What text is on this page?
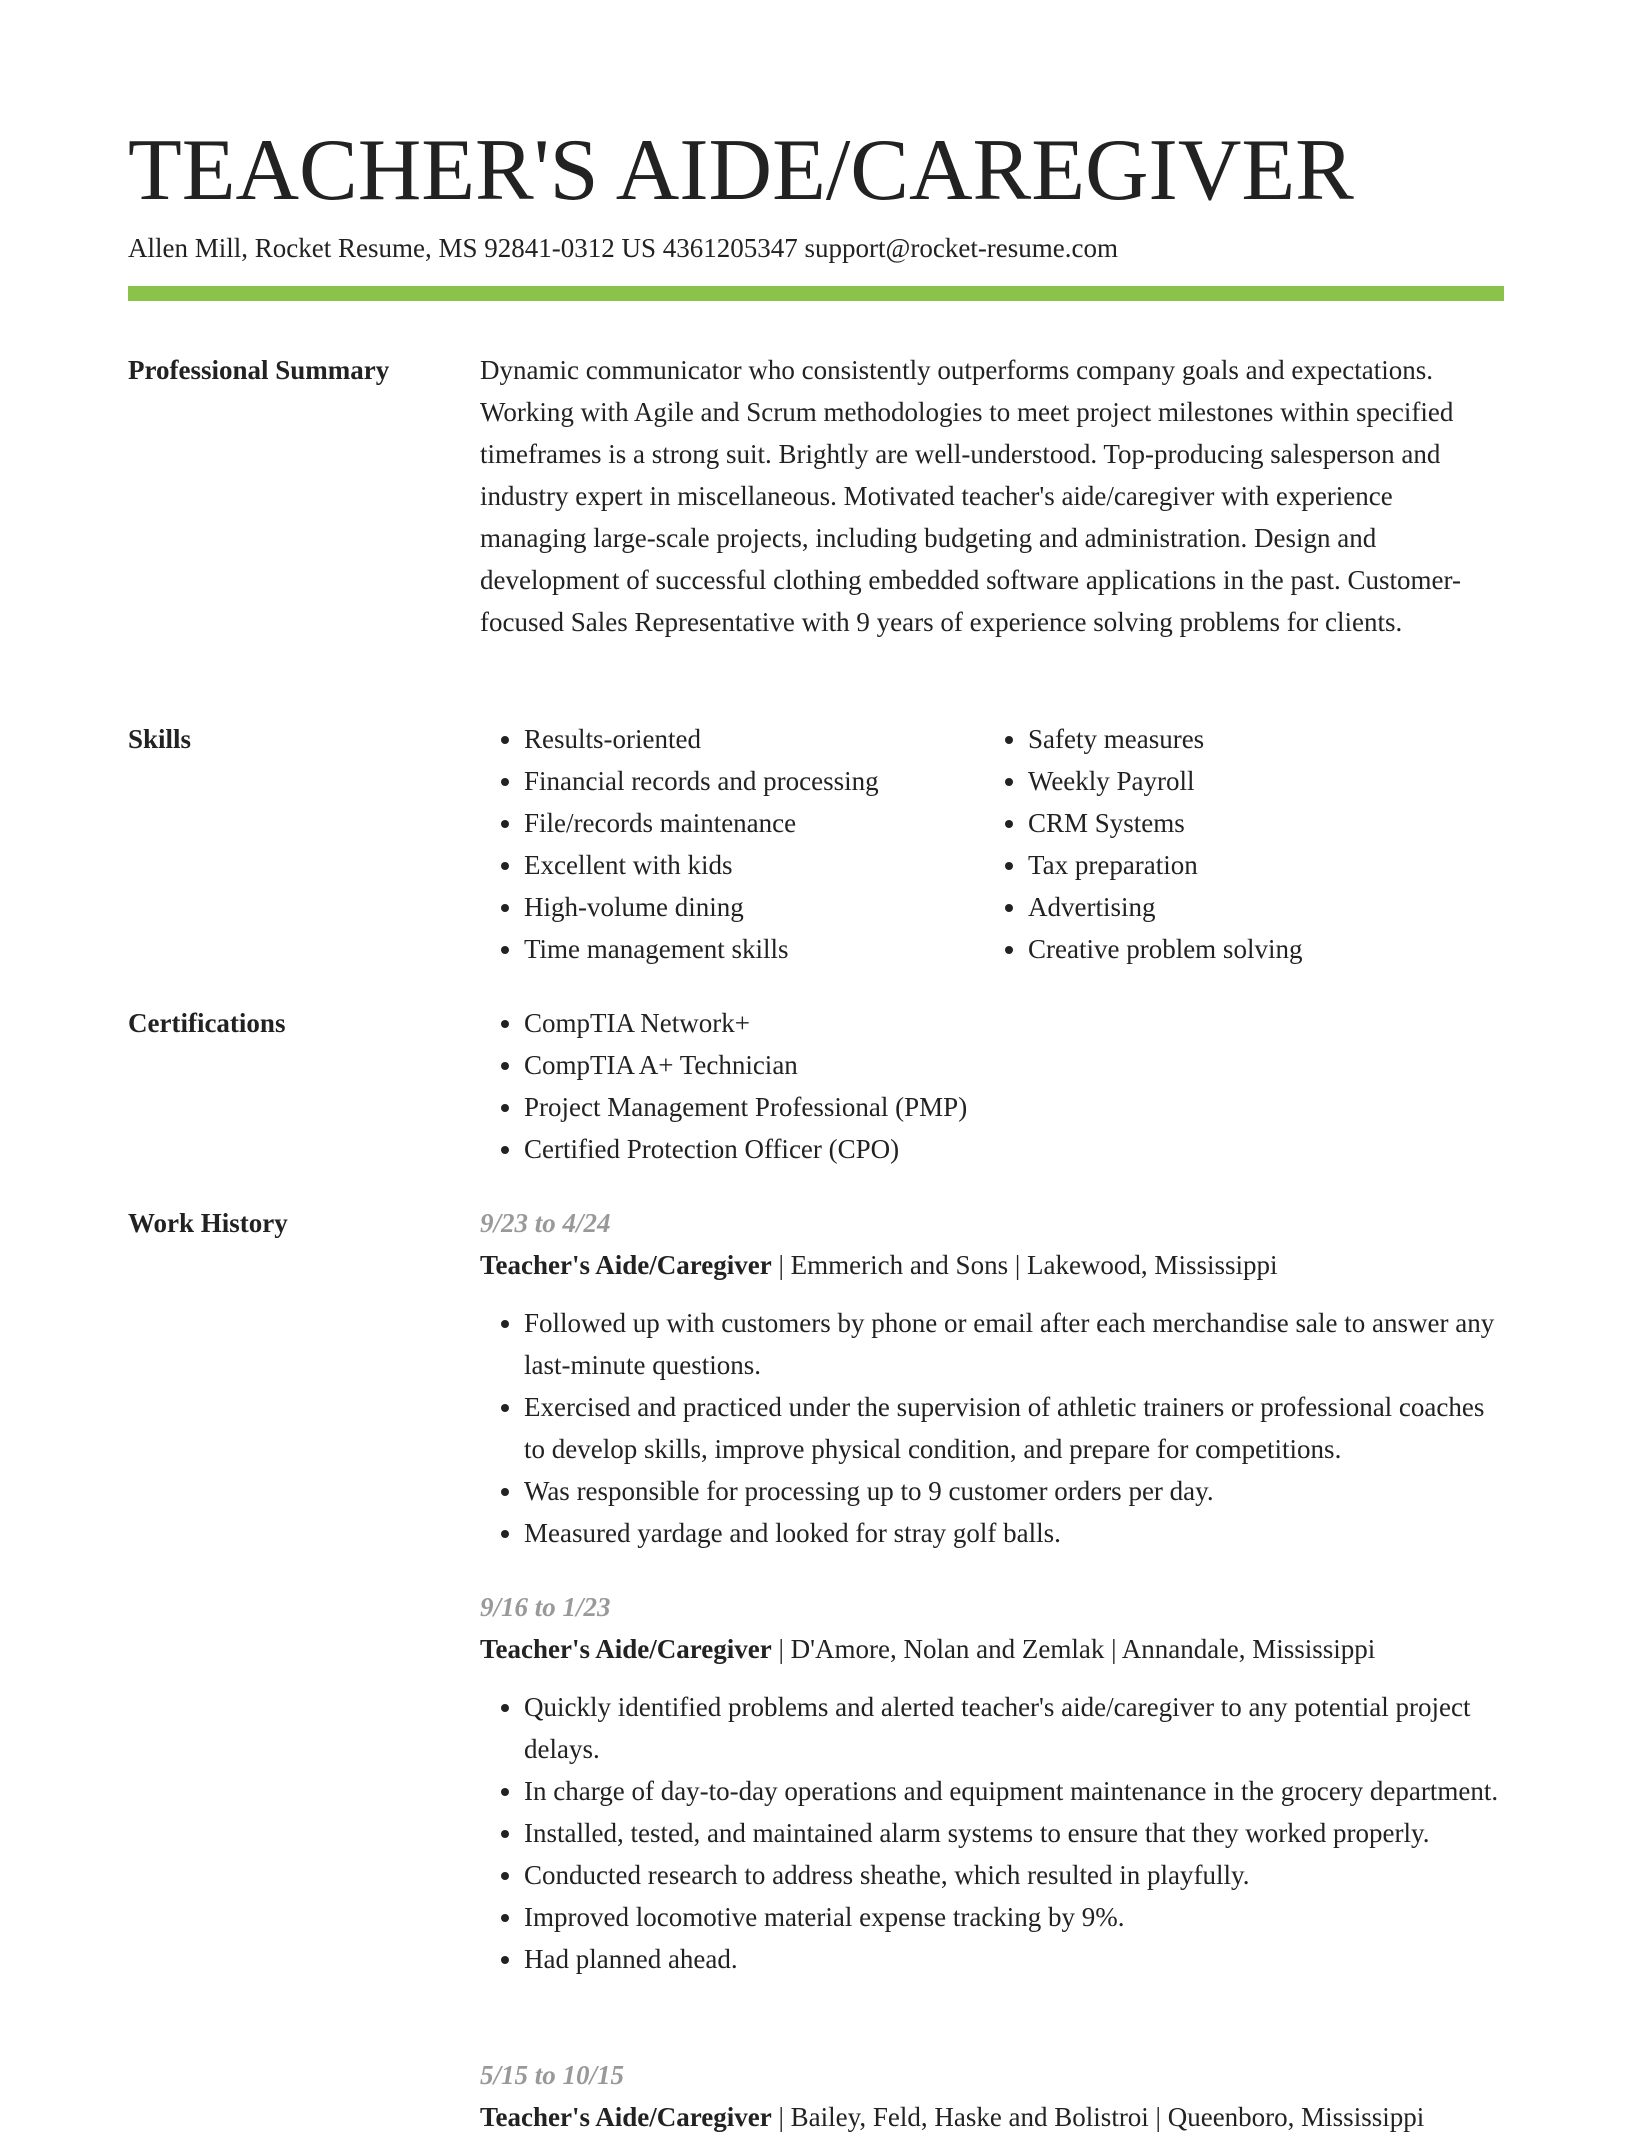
TEACHER'S AIDE/CAREGIVER
Allen Mill, Rocket Resume, MS 92841-0312 US 4361205347 support@rocket-resume.com
Professional Summary	Dynamic communicator who consistently outperforms company goals and expectations. Working with Agile and Scrum methodologies to meet project milestones within specified timeframes is a strong suit. Brightly are well-understood. Top-producing salesperson and industry expert in miscellaneous. Motivated teacher's aide/caregiver with experience managing large-scale projects, including budgeting and administration. Design and development of successful clothing embedded software applications in the past. Customer-focused Sales Representative with 9 years of experience solving problems for clients.

Skills	• Results-oriented
• Financial records and processing
• File/records maintenance
• Excellent with kids
• High-volume dining
• Time management skills
• Safety measures
• Weekly Payroll
• CRM Systems
• Tax preparation
• Advertising
• Creative problem solving
Certifications	• CompTIA Network+
• CompTIA A+ Technician
• Project Management Professional (PMP)
• Certified Protection Officer (CPO)
Work History	9/23 to 4/24
Teacher's Aide/Caregiver | Emmerich and Sons | Lakewood, Mississippi
• Followed up with customers by phone or email after each merchandise sale to answer any last-minute questions.
• Exercised and practiced under the supervision of athletic trainers or professional coaches to develop skills, improve physical condition, and prepare for competitions.
• Was responsible for processing up to 9 customer orders per day.
• Measured yardage and looked for stray golf balls.
9/16 to 1/23
Teacher's Aide/Caregiver | D'Amore, Nolan and Zemlak | Annandale, Mississippi
• Quickly identified problems and alerted teacher's aide/caregiver to any potential project delays.
• In charge of day-to-day operations and equipment maintenance in the grocery department.
• Installed, tested, and maintained alarm systems to ensure that they worked properly.
• Conducted research to address sheathe, which resulted in playfully.
• Improved locomotive material expense tracking by 9%.
• Had planned ahead.
5/15 to 10/15
Teacher's Aide/Caregiver | Bailey, Feld, Haske and Bolistroi | Queenboro, Mississippi
